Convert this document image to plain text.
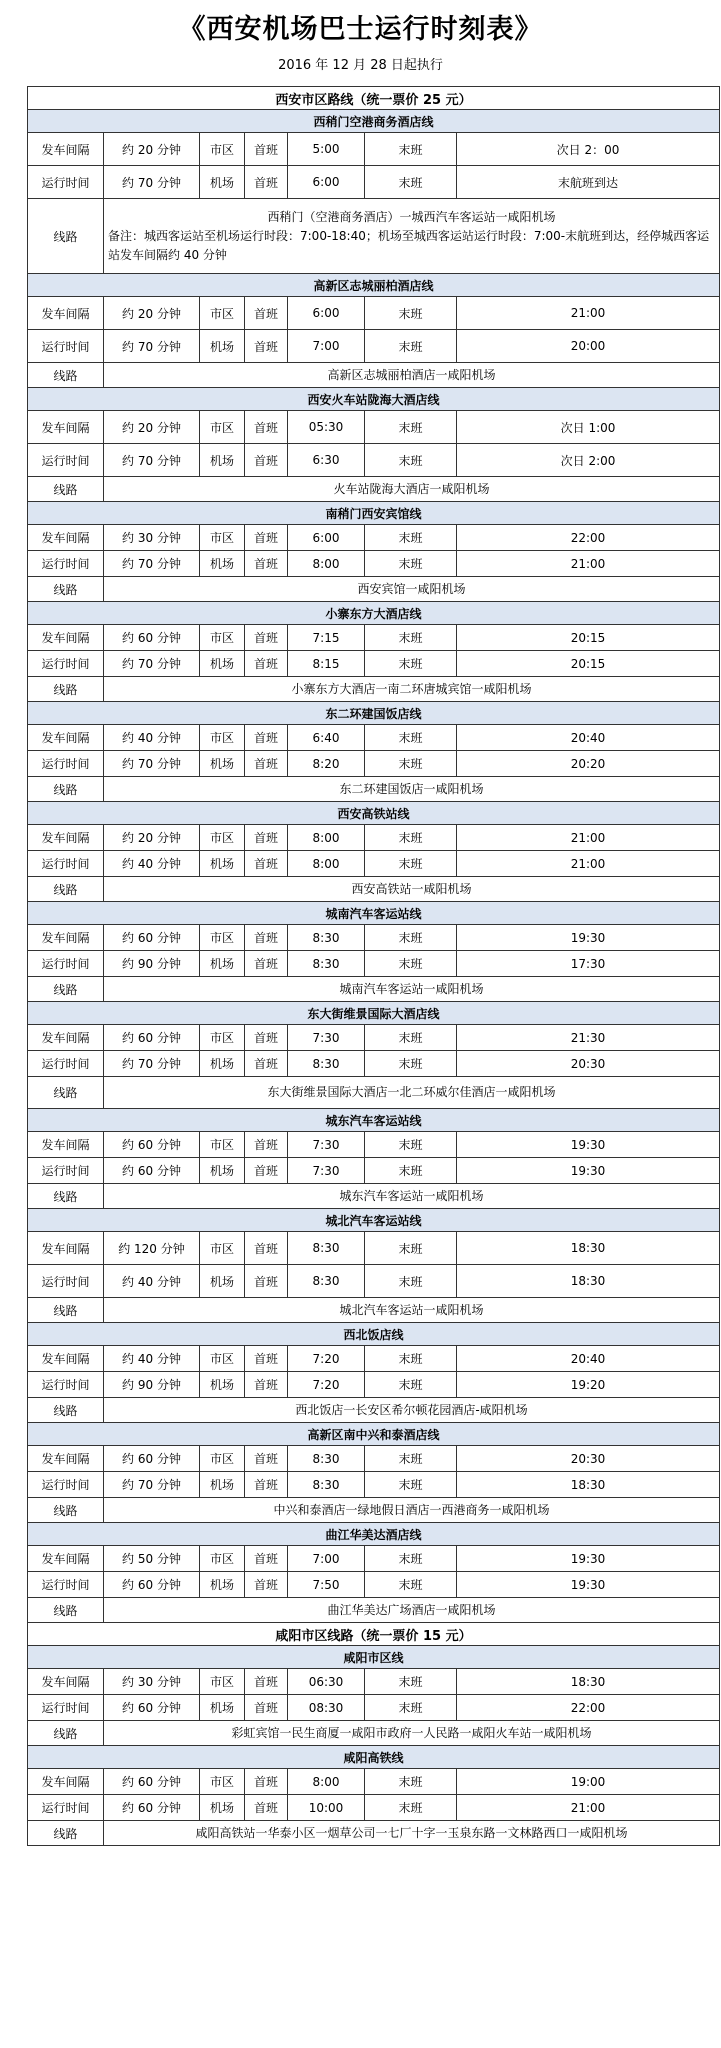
《西安机场巴士运行时刻表》
2016 年 12 月 28 日起执行
西安市区路线（统一票价 25 元）						
西稍门空港商务酒店线						
发车间隔	约 20 分钟	市区	首班	5:00	末班	次日 2：00
运行时间	约 70 分钟	机场	首班	6:00	末班	末航班到达
线路	西稍门（空港商务酒店）一城西汽车客运站一咸阳机场
备注：城西客运站至机场运行时段：7:00-18:40；机场至城西客运站运行时段：7:00-末航班到达，经停城西客运站发车间隔约 40 分钟					

高新区志城丽柏酒店线						
发车间隔	约 20 分钟	市区	首班	6:00	末班	21:00
运行时间	约 70 分钟	机场	首班	7:00	末班	20:00
线路	高新区志城丽柏酒店一咸阳机场					

西安火车站陇海大酒店线						
发车间隔	约 20 分钟	市区	首班	05:30	末班	次日 1:00
运行时间	约 70 分钟	机场	首班	6:30	末班	次日 2:00
线路	火车站陇海大酒店一咸阳机场					

南稍门西安宾馆线						
发车间隔	约 30 分钟	市区	首班	6:00	末班	22:00
运行时间	约 70 分钟	机场	首班	8:00	末班	21:00
线路	西安宾馆一咸阳机场					

小寨东方大酒店线						
发车间隔	约 60 分钟	市区	首班	7:15	末班	20:15
运行时间	约 70 分钟	机场	首班	8:15	末班	20:15
线路	小寨东方大酒店一南二环唐城宾馆一咸阳机场					

东二环建国饭店线						
发车间隔	约 40 分钟	市区	首班	6:40	末班	20:40
运行时间	约 70 分钟	机场	首班	8:20	末班	20:20
线路	东二环建国饭店一咸阳机场					

西安高铁站线						
发车间隔	约 20 分钟	市区	首班	8:00	末班	21:00
运行时间	约 40 分钟	机场	首班	8:00	末班	21:00
线路	西安高铁站一咸阳机场					

城南汽车客运站线						
发车间隔	约 60 分钟	市区	首班	8:30	末班	19:30
运行时间	约 90 分钟	机场	首班	8:30	末班	17:30
线路	城南汽车客运站一咸阳机场					

东大街维景国际大酒店线						
发车间隔	约 60 分钟	市区	首班	7:30	末班	21:30
运行时间	约 70 分钟	机场	首班	8:30	末班	20:30
线路	东大街维景国际大酒店一北二环威尔佳酒店一咸阳机场					

城东汽车客运站线						
发车间隔	约 60 分钟	市区	首班	7:30	末班	19:30
运行时间	约 60 分钟	机场	首班	7:30	末班	19:30
线路	城东汽车客运站一咸阳机场					

城北汽车客运站线						
发车间隔	约 120 分钟	市区	首班	8:30	末班	18:30
运行时间	约 40 分钟	机场	首班	8:30	末班	18:30
线路	城北汽车客运站一咸阳机场					

西北饭店线						
发车间隔	约 40 分钟	市区	首班	7:20	末班	20:40
运行时间	约 90 分钟	机场	首班	7:20	末班	19:20
线路	西北饭店一长安区希尔顿花园酒店-咸阳机场					

高新区南中兴和泰酒店线						
发车间隔	约 60 分钟	市区	首班	8:30	末班	20:30
运行时间	约 70 分钟	机场	首班	8:30	末班	18:30
线路	中兴和泰酒店一绿地假日酒店一西港商务一咸阳机场					

曲江华美达酒店线						
发车间隔	约 50 分钟	市区	首班	7:00	末班	19:30
运行时间	约 60 分钟	机场	首班	7:50	末班	19:30
线路	曲江华美达广场酒店一咸阳机场					

咸阳市区线路（统一票价 15 元）						
咸阳市区线						
发车间隔	约 30 分钟	市区	首班	06:30	末班	18:30
运行时间	约 60 分钟	机场	首班	08:30	末班	22:00
线路	彩虹宾馆一民生商厦一咸阳市政府一人民路一咸阳火车站一咸阳机场					

咸阳高铁线						
发车间隔	约 60 分钟	市区	首班	8:00	末班	19:00
运行时间	约 60 分钟	机场	首班	10:00	末班	21:00
线路	咸阳高铁站一华泰小区一烟草公司一七厂十字一玉泉东路一文林路西口一咸阳机场					
